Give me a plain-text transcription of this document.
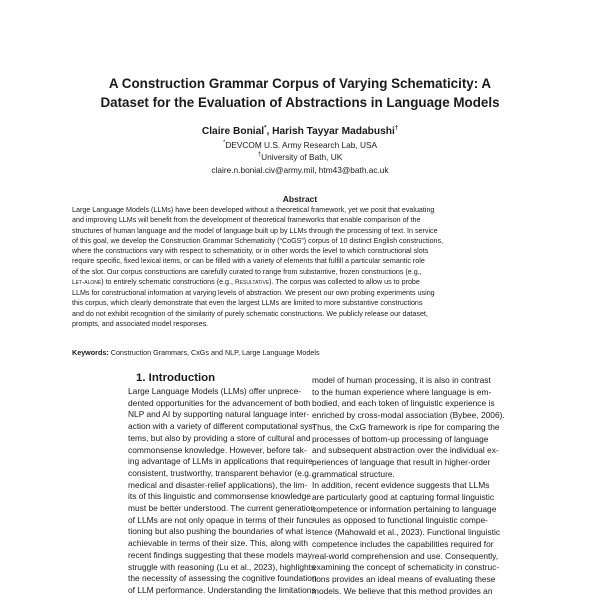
A Construction Grammar Corpus of Varying Schematicity: A
Dataset for the Evaluation of Abstractions in Language Models
Claire Bonial*, Harish Tayyar Madabushi†
*DEVCOM U.S. Army Research Lab, USA
†University of Bath, UK
claire.n.bonial.civ@army.mil, htm43@bath.ac.uk
Abstract
Large Language Models (LLMs) have been developed without a theoretical framework, yet we posit that evaluating
and improving LLMs will benefit from the development of theoretical frameworks that enable comparison of the
structures of human language and the model of language built up by LLMs through the processing of text. In service
of this goal, we develop the Construction Grammar Schematicity (“CoGS”) corpus of 10 distinct English constructions,
where the constructions vary with respect to schematicity, or in other words the level to which constructional slots
require specific, fixed lexical items, or can be filled with a variety of elements that fulfill a particular semantic role
of the slot. Our corpus constructions are carefully curated to range from substantive, frozen constructions (e.g.,
Let-alone) to entirely schematic constructions (e.g., Resultative). The corpus was collected to allow us to probe
LLMs for constructional information at varying levels of abstraction. We present our own probing experiments using
this corpus, which clearly demonstrate that even the largest LLMs are limited to more substantive constructions
and do not exhibit recognition of the similarity of purely schematic constructions. We publicly release our dataset,
prompts, and associated model responses.
Keywords: Construction Grammars, CxGs and NLP, Large Language Models
1. Introduction
Large Language Models (LLMs) offer unprece-
dented opportunities for the advancement of both
NLP and AI by supporting natural language inter-
action with a variety of different computational sys-
tems, but also by providing a store of cultural and
commonsense knowledge. However, before tak-
ing advantage of LLMs in applications that require
consistent, trustworthy, transparent behavior (e.g.,
medical and disaster-relief applications), the lim-
its of this linguistic and commonsense knowledge
must be better understood. The current generation
of LLMs are not only opaque in terms of their func-
tioning but also pushing the boundaries of what is
achievable in terms of their size. This, along with
recent findings suggesting that these models may
struggle with reasoning (Lu et al., 2023), highlights
the necessity of assessing the cognitive foundation
of LLM performance. Understanding the limitations
model of human processing, it is also in contrast
to the human experience where language is em-
bodied, and each token of linguistic experience is
enriched by cross-modal association (Bybee, 2006).
Thus, the CxG framework is ripe for comparing the
processes of bottom-up processing of language
and subsequent abstraction over the individual ex-
periences of language that result in higher-order
grammatical structure.
In addition, recent evidence suggests that LLMs
are particularly good at capturing formal linguistic
competence or information pertaining to language
rules as opposed to functional linguistic compe-
tence (Mahowald et al., 2023). Functional linguistic
competence includes the capabilities required for
real-world comprehension and use. Consequently,
examining the concept of schematicity in construc-
tions provides an ideal means of evaluating these
models. We believe that this method provides an
